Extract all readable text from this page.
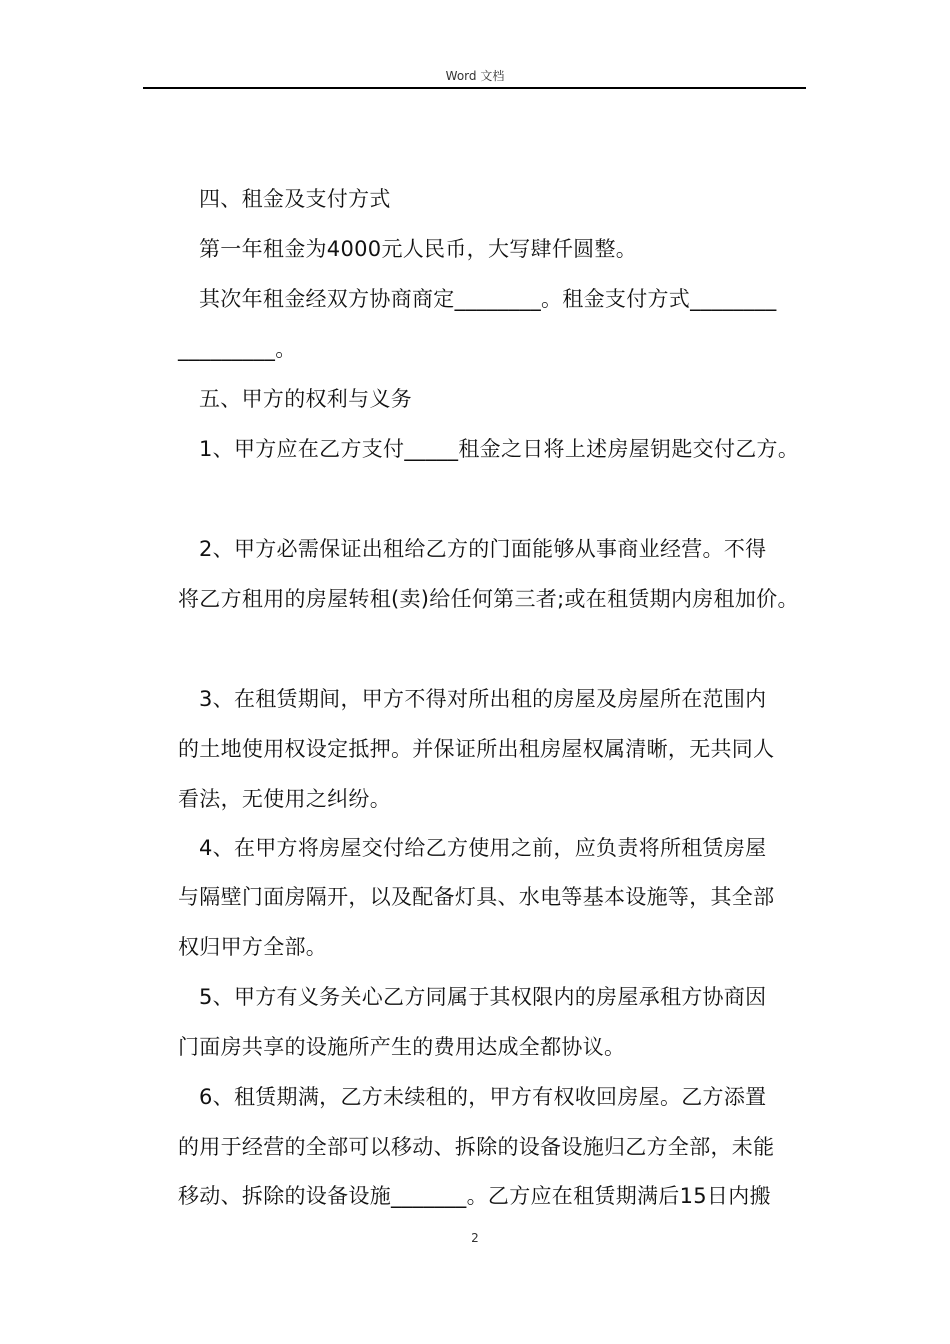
Word 文档
四、租金及支付方式
第一年租金为4000元人民币，大写肆仟圆整。
其次年租金经双方协商商定________。租金支付方式________
_________。
五、甲方的权利与义务
1、甲方应在乙方支付_____租金之日将上述房屋钥匙交付乙方。
2、甲方必需保证出租给乙方的门面能够从事商业经营。不得
将乙方租用的房屋转租(卖)给任何第三者;或在租赁期内房租加价。
3、在租赁期间，甲方不得对所出租的房屋及房屋所在范围内
的土地使用权设定抵押。并保证所出租房屋权属清晰，无共同人
看法，无使用之纠纷。
4、在甲方将房屋交付给乙方使用之前，应负责将所租赁房屋
与隔壁门面房隔开，以及配备灯具、水电等基本设施等，其全部
权归甲方全部。
5、甲方有义务关心乙方同属于其权限内的房屋承租方协商因
门面房共享的设施所产生的费用达成全都协议。
6、租赁期满，乙方未续租的，甲方有权收回房屋。乙方添置
的用于经营的全部可以移动、拆除的设备设施归乙方全部，未能
移动、拆除的设备设施_______。乙方应在租赁期满后15日内搬
2
